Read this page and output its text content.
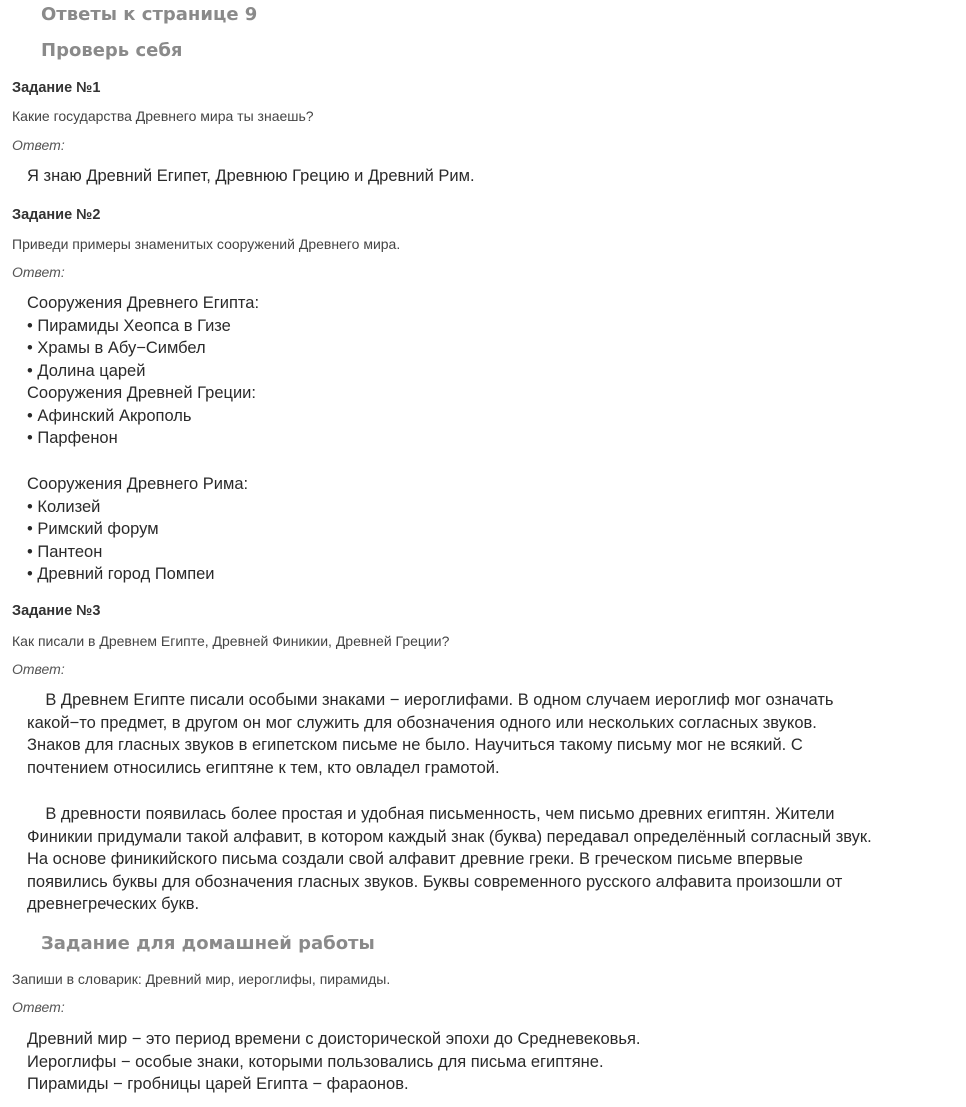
Ответы к странице 9
Проверь себя

Задание №1

Какие государства Древнего мира ты знаешь?

Ответ:

Я знаю Древний Египет, Древнюю Грецию и Древний Рим.

Задание №2

Приведи примеры знаменитых сооружений Древнего мира.

Ответ:

Сооружения Древнего Египта:
• Пирамиды Хеопса в Гизе
• Храмы в Абу−Симбел
• Долина царей
Сооружения Древней Греции:
• Афинский Акрополь
• Парфенон
Сооружения Древнего Рима:
• Колизей
• Римский форум
• Пантеон
• Древний город Помпеи

Задание №3

Как писали в Древнем Египте, Древней Финикии, Древней Греции?

Ответ:

В Древнем Египте писали особыми знаками − иероглифами. В одном случаем иероглиф мог означать
какой−то предмет, в другом он мог служить для обозначения одного или нескольких согласных звуков.
Знаков для гласных звуков в египетском письме не было. Научиться такому письму мог не всякий. С
почтением относились египтяне к тем, кто овладел грамотой.
В древности появилась более простая и удобная письменность, чем письмо древних египтян. Жители
Финикии придумали такой алфавит, в котором каждый знак (буква) передавал определённый согласный звук.
На основе финикийского письма создали свой алфавит древние греки. В греческом письме впервые
появились буквы для обозначения гласных звуков. Буквы современного русского алфавита произошли от
древнегреческих букв.
Задание для домашней работы

Запиши в словарик: Древний мир, иероглифы, пирамиды.

Ответ:

Древний мир − это период времени с доисторической эпохи до Средневековья.
Иероглифы − особые знаки, которыми пользовались для письма египтяне.
Пирамиды − гробницы царей Египта − фараонов.
